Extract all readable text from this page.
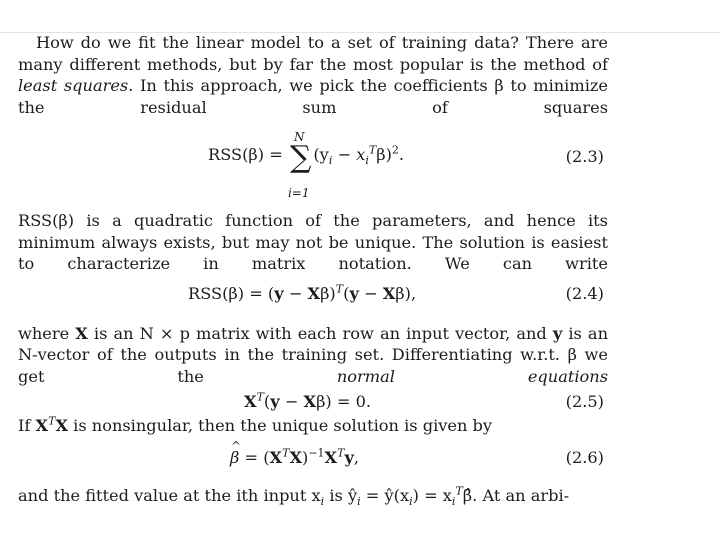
How do we fit the linear model to a set of training data? There are many different methods, but by far the most popular is the method of least squares. In this approach, we pick the coefficients β to minimize the residual sum of squares

RSS(β) = ∑
N
i=1
$(y_i - x_i^T\beta)^2$.	(2.3)

RSS(β) is a quadratic function of the parameters, and hence its minimum always exists, but may not be unique. The solution is easiest to characterize in matrix notation. We can write

$RSS(\beta) = (y - X\beta)^T(y - X\beta)$,	(2.4)

where X is an N × p matrix with each row an input vector, and y is an N-vector of the outputs in the training set. Differentiating w.r.t. β we get the normal equations

$X^T(y - X\beta) = 0$.	(2.5)

If $X^TX$ is nonsingular, then the unique solution is given by

^ $\beta = (X^TX)^{-1}X^Ty$,	(2.6)

and the fitted value at the ith input $x_i$ is $ŷ_i$ = $ŷ(x_i)$ = $x_i^T\betâ$. At an arbi-
